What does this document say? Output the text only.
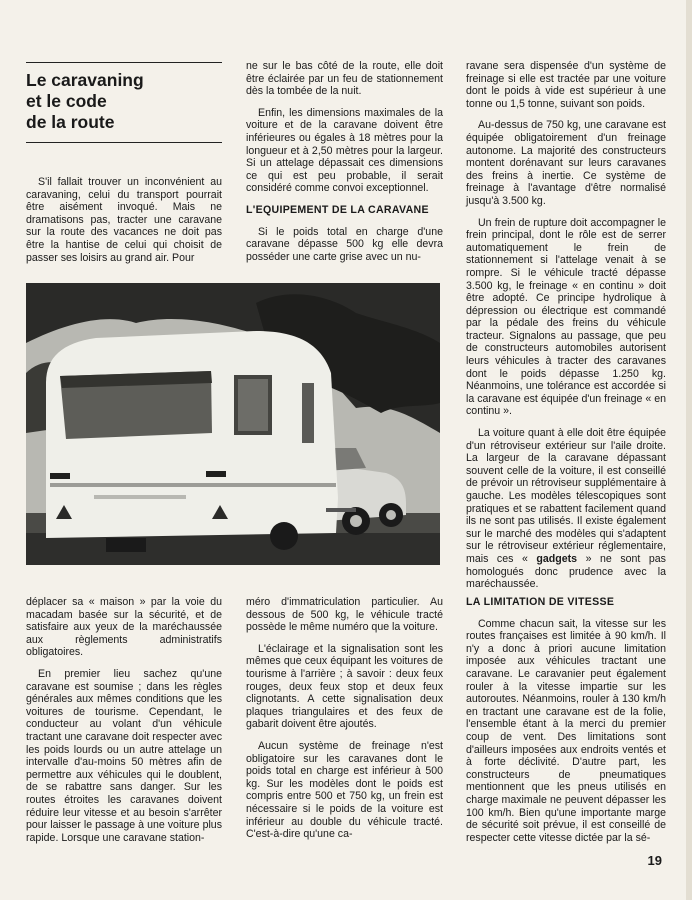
Le caravaning
et le code
de la route

S'il fallait trouver un inconvénient au caravaning, celui du transport pourrait être aisément invoqué. Mais ne dramatisons pas, tracter une caravane sur la route des vacances ne doit pas être la hantise de celui qui choisit de passer ses loisirs au grand air. Pour

ne sur le bas côté de la route, elle doit être éclairée par un feu de stationnement dès la tombée de la nuit.

Enfin, les dimensions maximales de la voiture et de la caravane doivent être inférieures ou égales à 18 mètres pour la longueur et à 2,50 mètres pour la largeur. Si un attelage dépassait ces dimensions ce qui est peu probable, il serait considéré comme convoi exceptionnel.

L'EQUIPEMENT DE LA CARAVANE

Si le poids total en charge d'une caravane dépasse 500 kg elle devra posséder une carte grise avec un nu-

ravane sera dispensée d'un système de freinage si elle est tractée par une voiture dont le poids à vide est supérieur à une tonne ou 1,5 tonne, suivant son poids.

Au-dessus de 750 kg, une caravane est équipée obligatoirement d'un freinage autonome. La majorité des constructeurs montent dorénavant sur leurs caravanes des freins à inertie. Ce système de freinage à l'avantage d'être normalisé jusqu'à 3.500 kg.

Un frein de rupture doit accompagner le frein principal, dont le rôle est de serrer automatiquement le frein de stationnement si l'attelage venait à se rompre. Si le véhicule tracté dépasse 3.500 kg, le freinage « en continu » doit être adopté. Ce principe hydrolique à dépression ou électrique est commandé par la pédale des freins du véhicule tracteur. Signalons au passage, que peu de constructeurs automobiles autorisent leurs véhicules à tracter des caravanes dont le poids dépasse 1.250 kg. Néanmoins, une tolérance est accordée si la caravane est équipée d'un freinage « en continu ».

La voiture quant à elle doit être équipée d'un rétroviseur extérieur sur l'aile droite. La largeur de la caravane dépassant souvent celle de la voiture, il est conseillé de prévoir un rétroviseur supplémentaire à gauche. Les modèles télescopiques sont pratiques et se rabattent facilement quand ils ne sont pas utilisés. Il existe également sur le marché des modèles qui s'adaptent sur le rétroviseur extérieur réglementaire, mais ces « gadgets » ne sont pas homologués donc prudence avec la maréchaussée.

déplacer sa « maison » par la voie du macadam basée sur la sécurité, et de satisfaire aux yeux de la maréchaussée aux règlements administratifs obligatoires.

En premier lieu sachez qu'une caravane est soumise ; dans les règles générales aux mêmes conditions que les voitures de tourisme. Cependant, le conducteur au volant d'un véhicule tractant une caravane doit respecter avec les poids lourds ou un autre attelage un intervalle d'au-moins 50 mètres afin de permettre aux véhicules qui le doublent, de se rabattre sans danger. Sur les routes étroites les caravanes doivent réduire leur vitesse et au besoin s'arrêter pour laisser le passage à une voiture plus rapide. Lorsque une caravane station-

méro d'immatriculation particulier. Au dessous de 500 kg, le véhicule tracté possède le même numéro que la voiture.

L'éclairage et la signalisation sont les mêmes que ceux équipant les voitures de tourisme à l'arrière ; à savoir : deux feux rouges, deux feux stop et deux feux clignotants. A cette signalisation deux plaques triangulaires et des feux de gabarit doivent être ajoutés.

Aucun système de freinage n'est obligatoire sur les caravanes dont le poids total en charge est inférieur à 500 kg. Sur les modèles dont le poids est compris entre 500 et 750 kg, un frein est nécessaire si le poids de la voiture est inférieur au double du véhicule tracté. C'est-à-dire qu'une ca-

LA LIMITATION DE VITESSE

Comme chacun sait, la vitesse sur les routes françaises est limitée à 90 km/h. Il n'y a donc à priori aucune limitation imposée aux véhicules tractant une caravane. Le caravanier peut également rouler à la vitesse impartie sur les autoroutes. Néanmoins, rouler à 130 km/h en tractant une caravane est de la folie, l'ensemble étant à la merci du premier coup de vent. Des limitations sont d'ailleurs imposées aux endroits ventés et à forte déclivité. D'autre part, les constructeurs de pneumatiques mentionnent que les pneus utilisés en charge maximale ne peuvent dépasser les 100 km/h. Bien qu'une importante marge de sécurité soit prévue, il est conseillé de respecter cette vitesse dictée par la sé-

19
